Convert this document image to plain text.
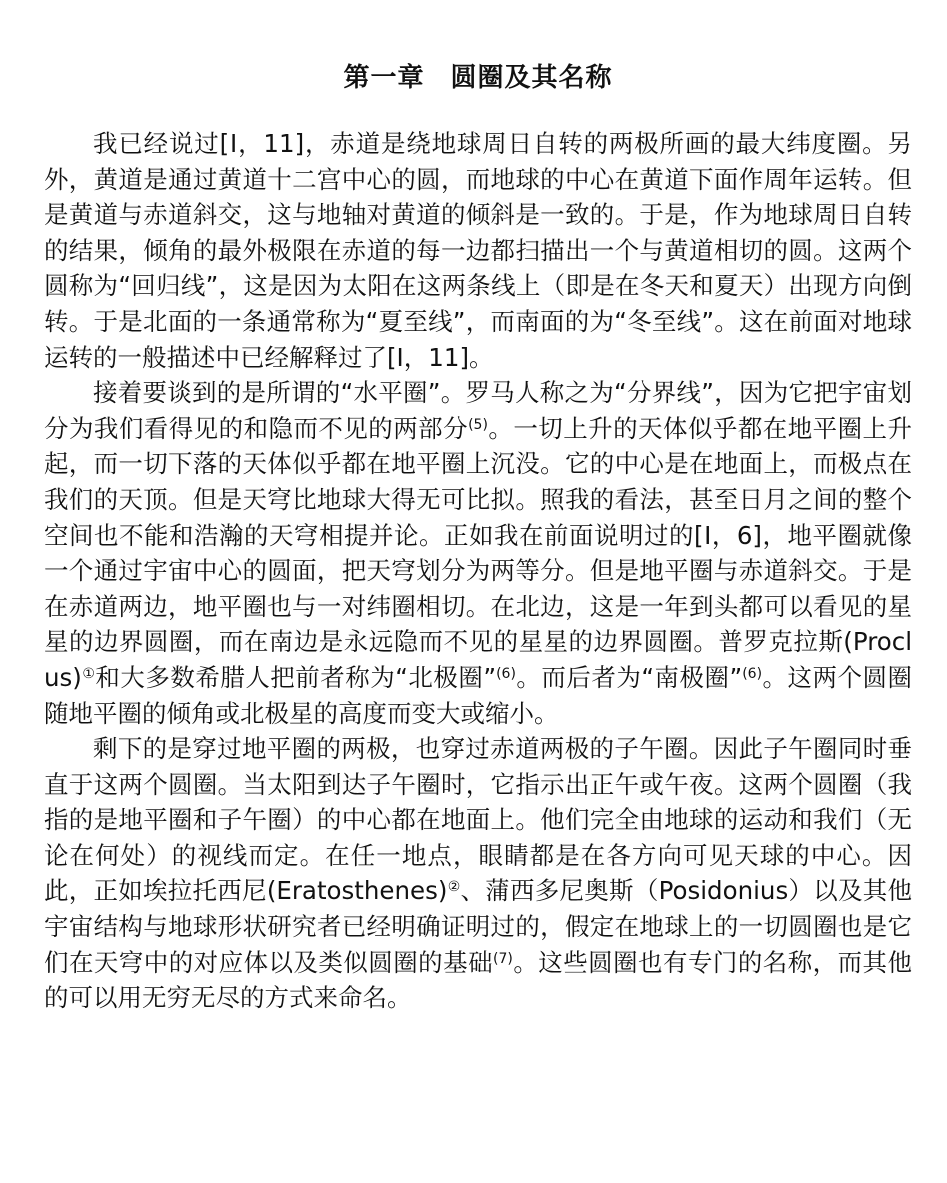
第一章 圆圈及其名称

我已经说过[Ⅰ，11]，赤道是绕地球周日自转的两极所画的最大纬度圈。另外，黄道是通过黄道十二宫中心的圆，而地球的中心在黄道下面作周年运转。但是黄道与赤道斜交，这与地轴对黄道的倾斜是一致的。于是，作为地球周日自转的结果，倾角的最外极限在赤道的每一边都扫描出一个与黄道相切的圆。这两个圆称为“回归线”，这是因为太阳在这两条线上（即是在冬天和夏天）出现方向倒转。于是北面的一条通常称为“夏至线”，而南面的为“冬至线”。这在前面对地球运转的一般描述中已经解释过了[Ⅰ，11]。

接着要谈到的是所谓的“水平圈”。罗马人称之为“分界线”，因为它把宇宙划分为我们看得见的和隐而不见的两部分$^{(5)}$。一切上升的天体似乎都在地平圈上升起，而一切下落的天体似乎都在地平圈上沉没。它的中心是在地面上，而极点在我们的天顶。但是天穹比地球大得无可比拟。照我的看法，甚至日月之间的整个空间也不能和浩瀚的天穹相提并论。正如我在前面说明过的[Ⅰ，6]，地平圈就像一个通过宇宙中心的圆面，把天穹划分为两等分。但是地平圈与赤道斜交。于是在赤道两边，地平圈也与一对纬圈相切。在北边，这是一年到头都可以看见的星星的边界圆圈，而在南边是永远隐而不见的星星的边界圆圈。普罗克拉斯(Proclus)①和大多数希腊人把前者称为“北极圈”$^{(6)}$。而后者为“南极圈”$^{(6)}$。这两个圆圈随地平圈的倾角或北极星的高度而变大或缩小。

剩下的是穿过地平圈的两极，也穿过赤道两极的子午圈。因此子午圈同时垂直于这两个圆圈。当太阳到达子午圈时，它指示出正午或午夜。这两个圆圈（我指的是地平圈和子午圈）的中心都在地面上。他们完全由地球的运动和我们（无论在何处）的视线而定。在任一地点，眼睛都是在各方向可见天球的中心。因此，正如埃拉托西尼(Eratosthenes)②、蒲西多尼奥斯（Posidonius）以及其他宇宙结构与地球形状研究者已经明确证明过的，假定在地球上的一切圆圈也是它们在天穹中的对应体以及类似圆圈的基础$^{(7)}$。这些圆圈也有专门的名称，而其他的可以用无穷无尽的方式来命名。
